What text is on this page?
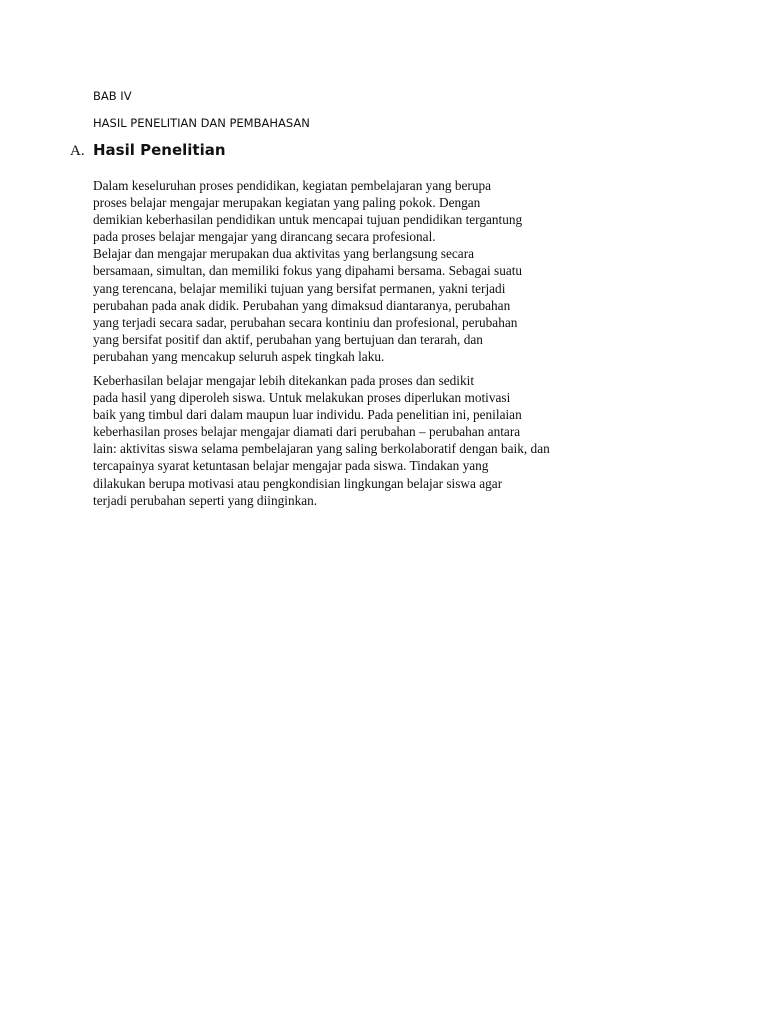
BAB IV
HASIL PENELITIAN DAN PEMBAHASAN
A. Hasil Penelitian
Dalam keseluruhan proses pendidikan, kegiatan pembelajaran yang berupa
proses belajar mengajar merupakan kegiatan yang paling pokok. Dengan
demikian keberhasilan pendidikan untuk mencapai tujuan pendidikan tergantung
pada proses belajar mengajar yang dirancang secara profesional.
Belajar dan mengajar merupakan dua aktivitas yang berlangsung secara
bersamaan, simultan, dan memiliki fokus yang dipahami bersama. Sebagai suatu
yang terencana, belajar memiliki tujuan yang bersifat permanen, yakni terjadi
perubahan pada anak didik. Perubahan yang dimaksud diantaranya, perubahan
yang terjadi secara sadar, perubahan secara kontiniu dan profesional, perubahan
yang bersifat positif dan aktif, perubahan yang bertujuan dan terarah, dan
perubahan yang mencakup seluruh aspek tingkah laku.
Keberhasilan belajar mengajar lebih ditekankan pada proses dan sedikit
pada hasil yang diperoleh siswa. Untuk melakukan proses diperlukan motivasi
baik yang timbul dari dalam maupun luar individu. Pada penelitian ini, penilaian
keberhasilan proses belajar mengajar diamati dari perubahan – perubahan antara
lain: aktivitas siswa selama pembelajaran yang saling berkolaboratif dengan baik, dan
tercapainya syarat ketuntasan belajar mengajar pada siswa. Tindakan yang
dilakukan berupa motivasi atau pengkondisian lingkungan belajar siswa agar
terjadi perubahan seperti yang diinginkan.
